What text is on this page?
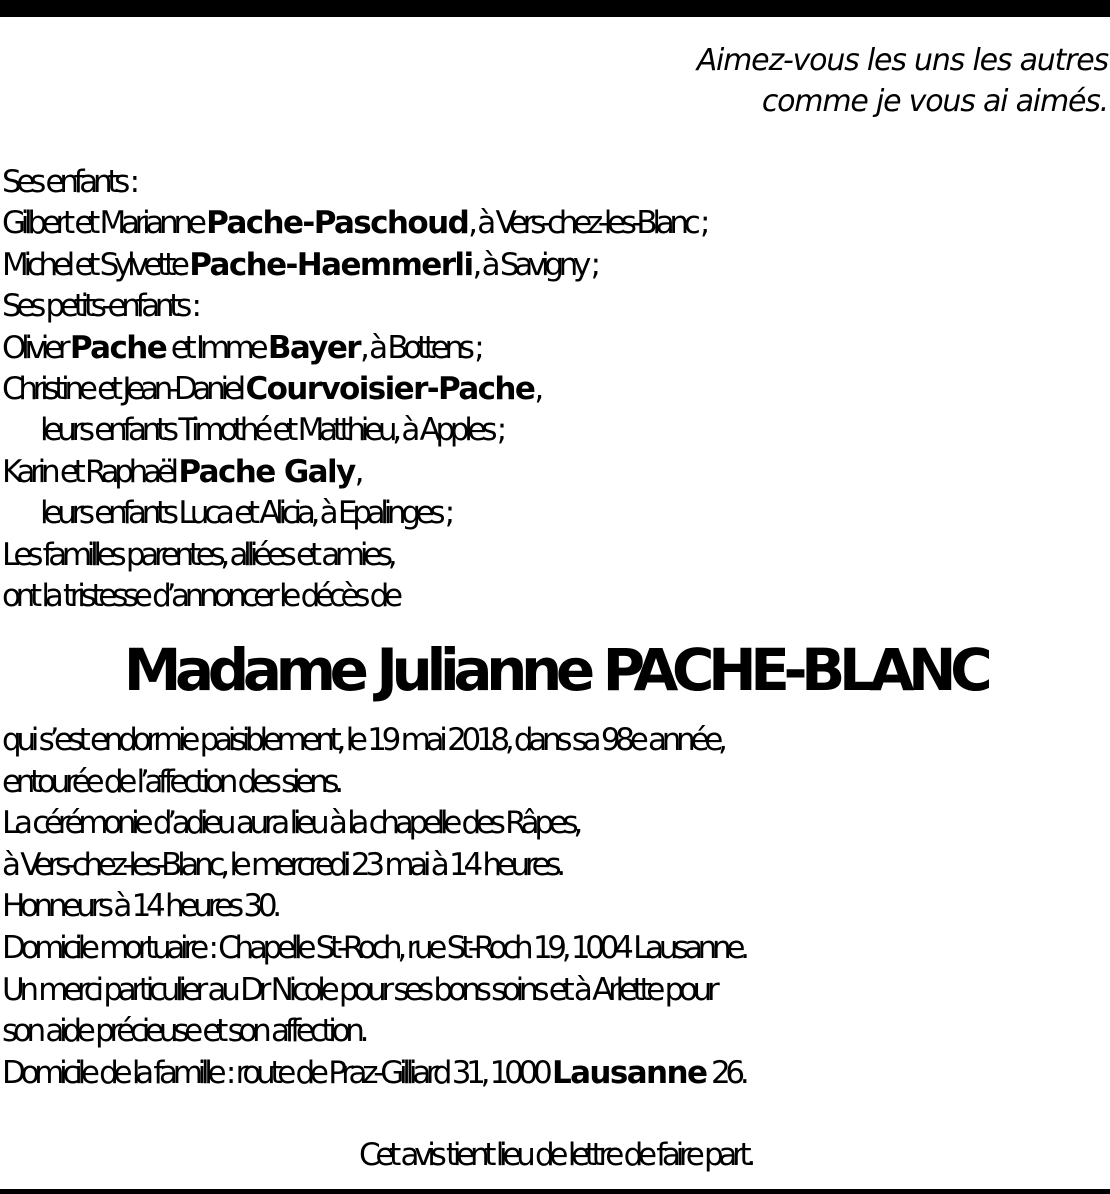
Aimez-vous les uns les autres
comme je vous ai aimés.
Ses enfants :
Gilbert et Marianne Pache-Paschoud, à Vers-chez-les-Blanc ;
Michel et Sylvette Pache-Haemmerli, à Savigny ;
Ses petits-enfants :
Olivier Pache et Imme Bayer, à Bottens ;
Christine et Jean-Daniel Courvoisier-Pache,
leurs enfants Timothé et Matthieu, à Apples ;
Karin et Raphaël Pache Galy,
leurs enfants Luca et Alicia, à Epalinges ;
Les familles parentes, alliées et amies,
ont la tristesse d’annoncer le décès de
Madame Julianne PACHE-BLANC
qui s’est endormie paisiblement, le 19 mai 2018, dans sa 98e année,
entourée de l’affection des siens.
La cérémonie d’adieu aura lieu à la chapelle des Râpes,
à Vers-chez-les-Blanc, le mercredi 23 mai à 14 heures.
Honneurs à 14 heures 30.
Domicile mortuaire : Chapelle St-Roch, rue St-Roch 19, 1004 Lausanne.
Un merci particulier au Dr Nicole pour ses bons soins et à Arlette pour
son aide précieuse et son affection.
Domicile de la famille : route de Praz-Gilliard 31, 1000 Lausanne 26.
Cet avis tient lieu de lettre de faire part.
